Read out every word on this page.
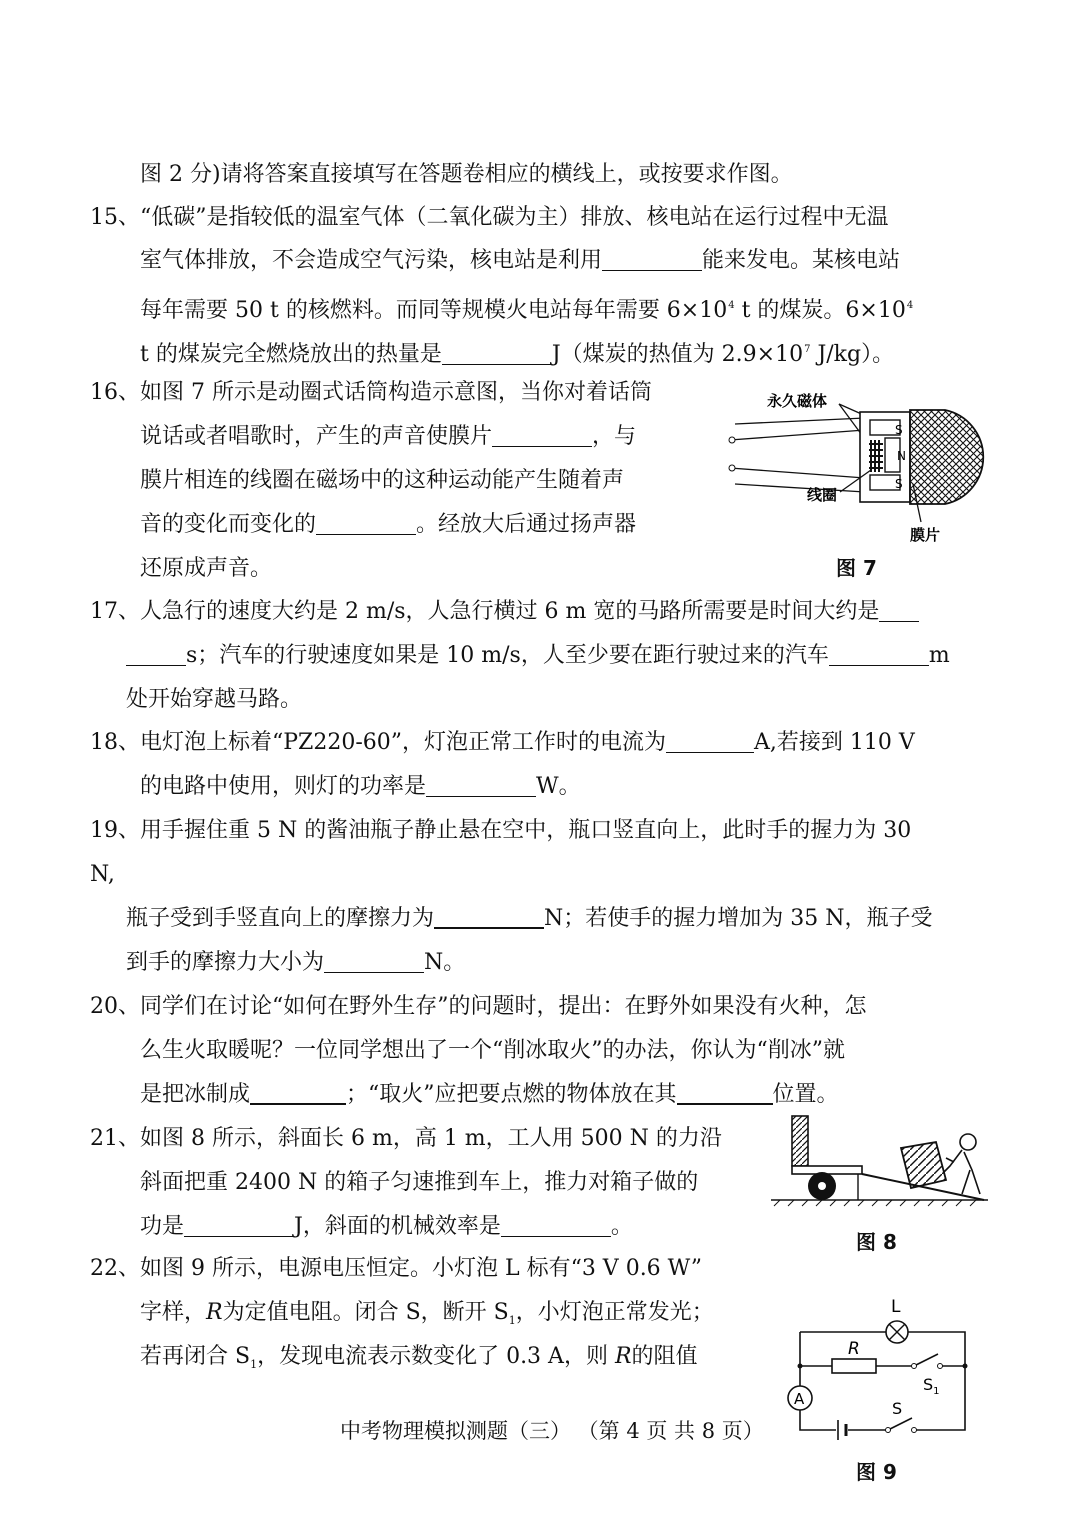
图 2 分)请将答案直接填写在答题卷相应的横线上，或按要求作图。
15、“低碳”是指较低的温室气体（二氧化碳为主）排放、核电站在运行过程中无温
室气体排放，不会造成空气污染，核电站是利用	能来发电。某核电站
每年需要 50 t 的核燃料。而同等规模火电站每年需要 $6\times 10^4$ t 的煤炭。$6\times 10^4$
t 的煤炭完全燃烧放出的热量是	J（煤炭的热值为 $2.9\times 10^7$ J/kg）。
16、如图 7 所示是动圈式话筒构造示意图，当你对着话筒
说话或者唱歌时，产生的声音使膜片	，与
膜片相连的线圈在磁场中的这种运动能产生随着声
音的变化而变化的	。经放大后通过扬声器
还原成声音。
永久磁体
S
N
S
线圈
膜片
图 7
17、人急行的速度大约是 2 m/s，人急行横过 6 m 宽的马路所需要是时间大约是
s；汽车的行驶速度如果是 10 m/s，人至少要在距行驶过来的汽车	m
处开始穿越马路。
18、电灯泡上标着“PZ220-60”，灯泡正常工作时的电流为	A,若接到 110 V
的电路中使用，则灯的功率是	W。
19、用手握住重 5 N 的酱油瓶子静止悬在空中，瓶口竖直向上，此时手的握力为 30
N,
瓶子受到手竖直向上的摩擦力为	N；若使手的握力增加为 35 N，瓶子受
到手的摩擦力大小为	N。
20、同学们在讨论“如何在野外生存”的问题时，提出：在野外如果没有火种，怎
么生火取暖呢？一位同学想出了一个“削冰取火”的办法，你认为“削冰”就
是把冰制成	；“取火”应把要点燃的物体放在其	位置。
21、如图 8 所示，斜面长 6 m，高 1 m，工人用 500 N 的力沿
斜面把重 2400 N 的箱子匀速推到车上，推力对箱子做的
功是	J，斜面的机械效率是	。
图 8
22、如图 9 所示，电源电压恒定。小灯泡 L 标有“3 V 0.6 W”
字样，R为定值电阻。闭合 S，断开 $S_1$，小灯泡正常发光；
若再闭合 $S_1$，发现电流表示数变化了 0.3 A，则 R的阻值
L
R
$S_1$
A	S
图 9
中考物理模拟测题（三） （第 4 页 共 8 页）
